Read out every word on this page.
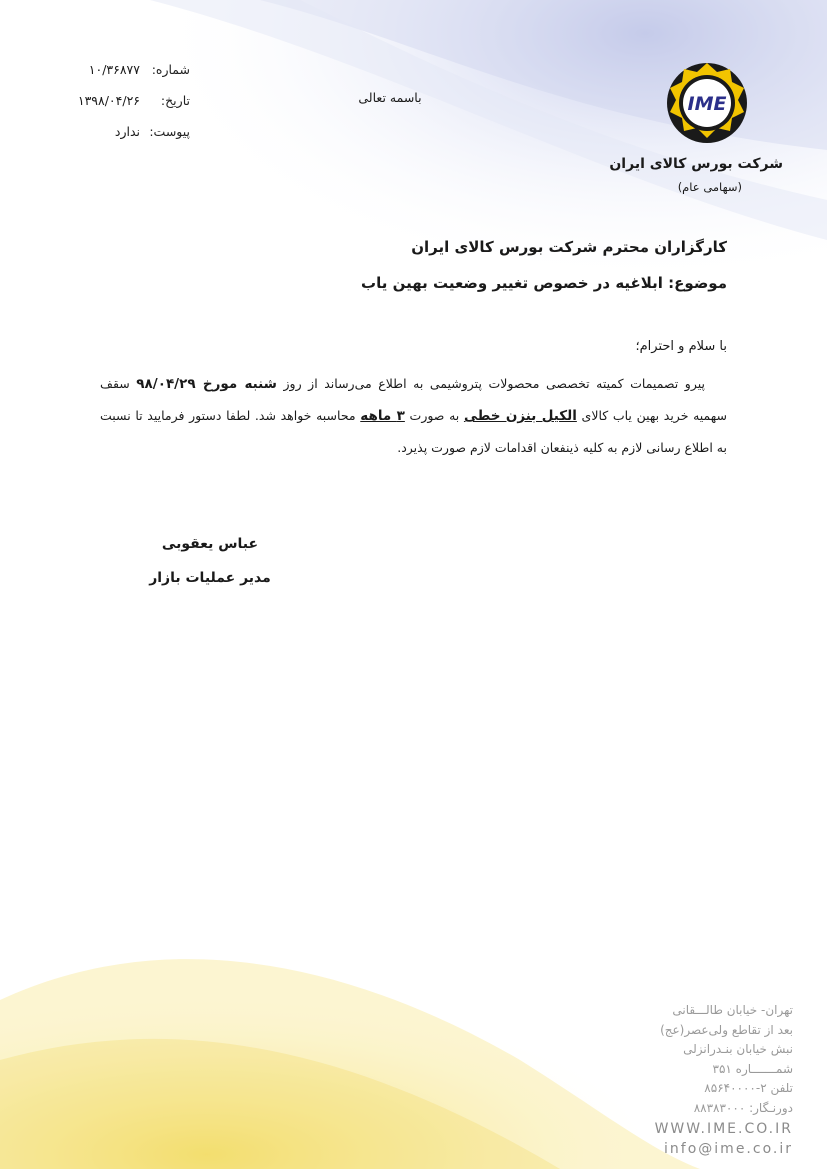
شماره:
۱۰/۳۶۸۷۷
تاریخ:
۱۳۹۸/۰۴/۲۶
پیوست:
ندارد
باسمه تعالی	IME
شرکت بورس کالای ایران
(سهامی عام)
کارگزاران محترم شرکت بورس کالای ایران
موضوع: ابلاغیه در خصوص تغییر وضعیت بهین یاب
با سلام و احترام؛
پیرو تصمیمات کمیته تخصصی محصولات پتروشیمی به اطلاع می‌رساند از روز شنبه مورخ ۹۸/۰۴/۲۹ سقف سهمیه خرید بهین یاب کالای الکیل بنزن خطی به صورت ۳ ماهه محاسبه خواهد شد. لطفا دستور فرمایید تا نسبت به اطلاع رسانی لازم به کلیه ذینفعان اقدامات لازم صورت پذیرد.
عباس یعقوبی
مدیر عملیات بازار
تهران- خیابان طالـــقانی
بعد از تقاطع ولی‌عصر(عج)
نبش خیابان بنـدرانزلی
شمـــــــاره ۳۵۱
تلفن ۲-۸۵۶۴۰۰۰۰
دورنـگار: ۸۸۳۸۳۰۰۰
WWW.IME.CO.IR
info@ime.co.ir
